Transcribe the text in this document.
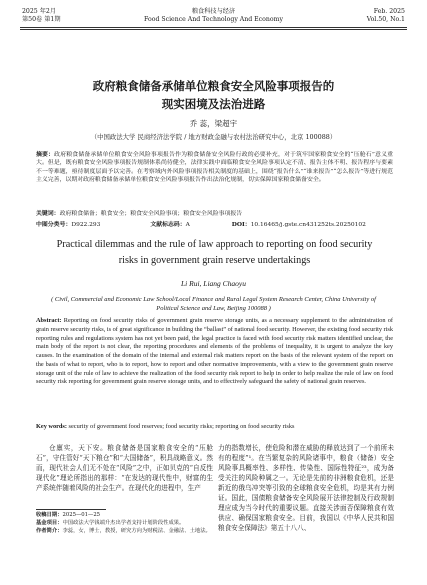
2025 年2月
第50卷 第1期
粮食科技与经济
Food Science And Technology And Economy
Feb. 2025
Vol.50, No.1
政府粮食储备承储单位粮食安全风险事项报告的
现实困境及法治进路
乔 蕊，梁超宇
（中国政法大学 民商经济法学院 / 地方财政金融与农村法治研究中心，北京 100088）
摘要：政府粮食储备承储单位粮食安全风险事项报告作为粮食储备安全风险行政的必要补充，对于筑牢国家粮食安全的“压舱石”意义重大。但是，既有粮食安全风险事项报告规制体系尚待健全，法律实践中面临粮食安全风险事项认定不清、报告主体不明、报告程序与要素不一等难题，亟待制度层面予以完善。在考察域内外风险事项报告相关制度的基础上，围绕“报告什么”“谁来报告”“怎么报告”等进行规范主义完善，以期对政府粮食储备承储单位粮食安全风险事项报告作出法治化规制，切实保障国家粮食储备安全。
关键词：政府粮食储备；粮食安全；粮食安全风险事项；粮食安全风险事项报告
中图分类号：D922.293	文献标志码：A	DOI：10.16465/j.gste.cn431252ts.20250102
Practical dilemmas and the rule of law approach to reporting on food security
risks in government grain reserve undertakings
Li Rui, Liang Chaoyu
( Civil, Commercial and Economic Law School/Local Finance and Rural Legal System Research Center, China University of Political Science and Law, Beijing 100088 )
Abstract: Reporting on food security risks of government grain reserve storage units, as a necessary supplement to the administration of grain reserve security risks, is of great significance in building the “ballast” of national food security. However, the existing food security risk reporting rules and regulations system has not yet been paid, the legal practice is faced with food security risk matters identified unclear, the main body of the report is not clear, the reporting procedures and elements of the problems of inequality, it is urgent to analyze the key causes. In the examination of the domain of the internal and external risk matters report on the basis of the relevant system of the report on the basis of what to report, who is to report, how to report and other normative improvements, with a view to the government grain reserve storage unit of the rule of law to achieve the realization of the food security risk report to help in order to help realize the rule of law on food security risk reporting for government grain reserve storage units, and to effectively safeguard the safety of national grain reserves.
Key words: security of government food reserves; food security risks; reporting on food security risks

仓廪实，天下安。粮食储备是国家粮食安全的“压舱石”，守住管好“天下粮仓”和“大国储备”，积具战略意义。然而，现代社会人们无不处在“风险”之中，正如贝克的“自反性现代化”理论所指出的那样：“在发达的现代性中，财富的生产系统伴随着风险的社会生产。在现代化的进程中，生产

力的指数增长，使危险和潜在威胁的释放达到了一个前所未有的程度”¹。在当繁复杂的风险诸事中，粮食（储备）安全风险事具概率性、多样性、传染性、国际性特征²³，成为备受关注的风险种属之一。无论是先前的非洲粮食危机，还是新近的俄乌冲突等引致的全球粮食安全危机，均是其有力例证。国此，国债粮食储备安全风险展开法律控制及行政规制理应成为当今时代的重要议题。直接关涉面否保障粮食有效供应、确保国家粮食安全。目前，我国以《中华人民共和国粮食安全保障法》第五十八八、

收稿日期：2025—01—25
基金项目：中国政法大学钱端升杰出学者支持计划阶段性成果。
作者简介：李蕊，女，博士，教授，研究方向为财税法、金融法、土地法。
